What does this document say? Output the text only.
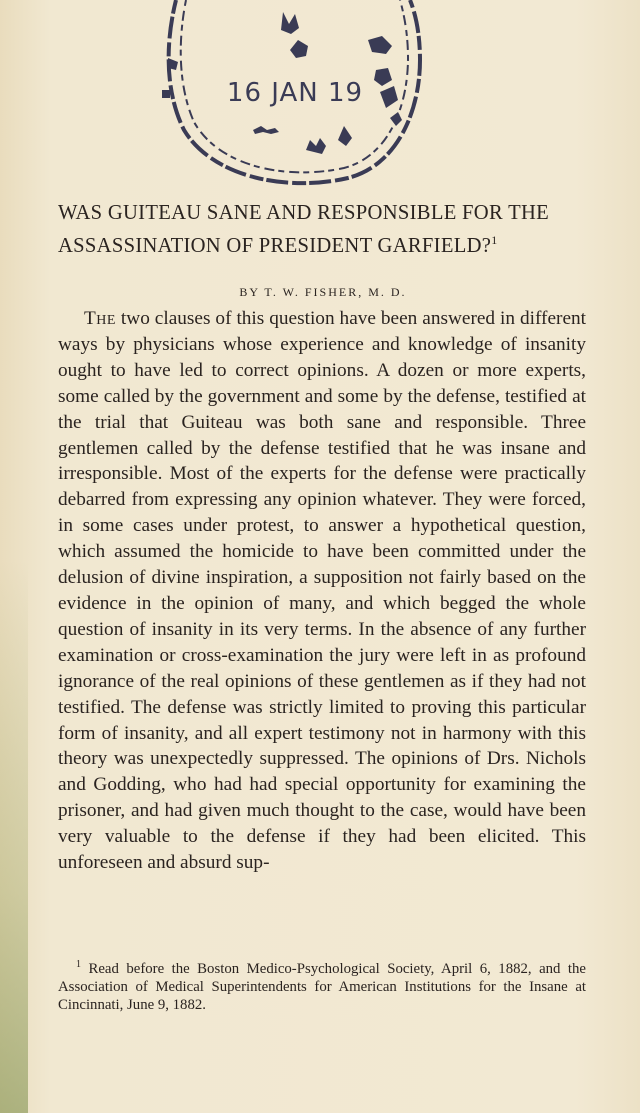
16 JAN 19
WAS GUITEAU SANE AND RESPONSIBLE FOR THE ASSASSINATION OF PRESIDENT GARFIELD?$^1$

BY T. W. FISHER, M. D.

The two clauses of this question have been answered in different ways by physicians whose experience and knowledge of insanity ought to have led to correct opinions. A dozen or more experts, some called by the government and some by the defense, testified at the trial that Guiteau was both sane and responsible. Three gentlemen called by the defense testified that he was insane and irresponsible. Most of the experts for the defense were practically debarred from expressing any opinion whatever. They were forced, in some cases under protest, to answer a hypothetical question, which assumed the homicide to have been committed under the delusion of divine inspiration, a supposition not fairly based on the evidence in the opinion of many, and which begged the whole question of insanity in its very terms. In the absence of any further examination or cross-examination the jury were left in as profound ignorance of the real opinions of these gentlemen as if they had not testified. The defense was strictly limited to proving this particular form of insanity, and all expert testimony not in harmony with this theory was unexpectedly suppressed. The opinions of Drs. Nichols and Godding, who had had special opportunity for examining the prisoner, and had given much thought to the case, would have been very valuable to the defense if they had been elicited. This unforeseen and absurd sup-

$^1$ Read before the Boston Medico-Psychological Society, April 6, 1882, and the Association of Medical Superintendents for American Institutions for the Insane at Cincinnati, June 9, 1882.
